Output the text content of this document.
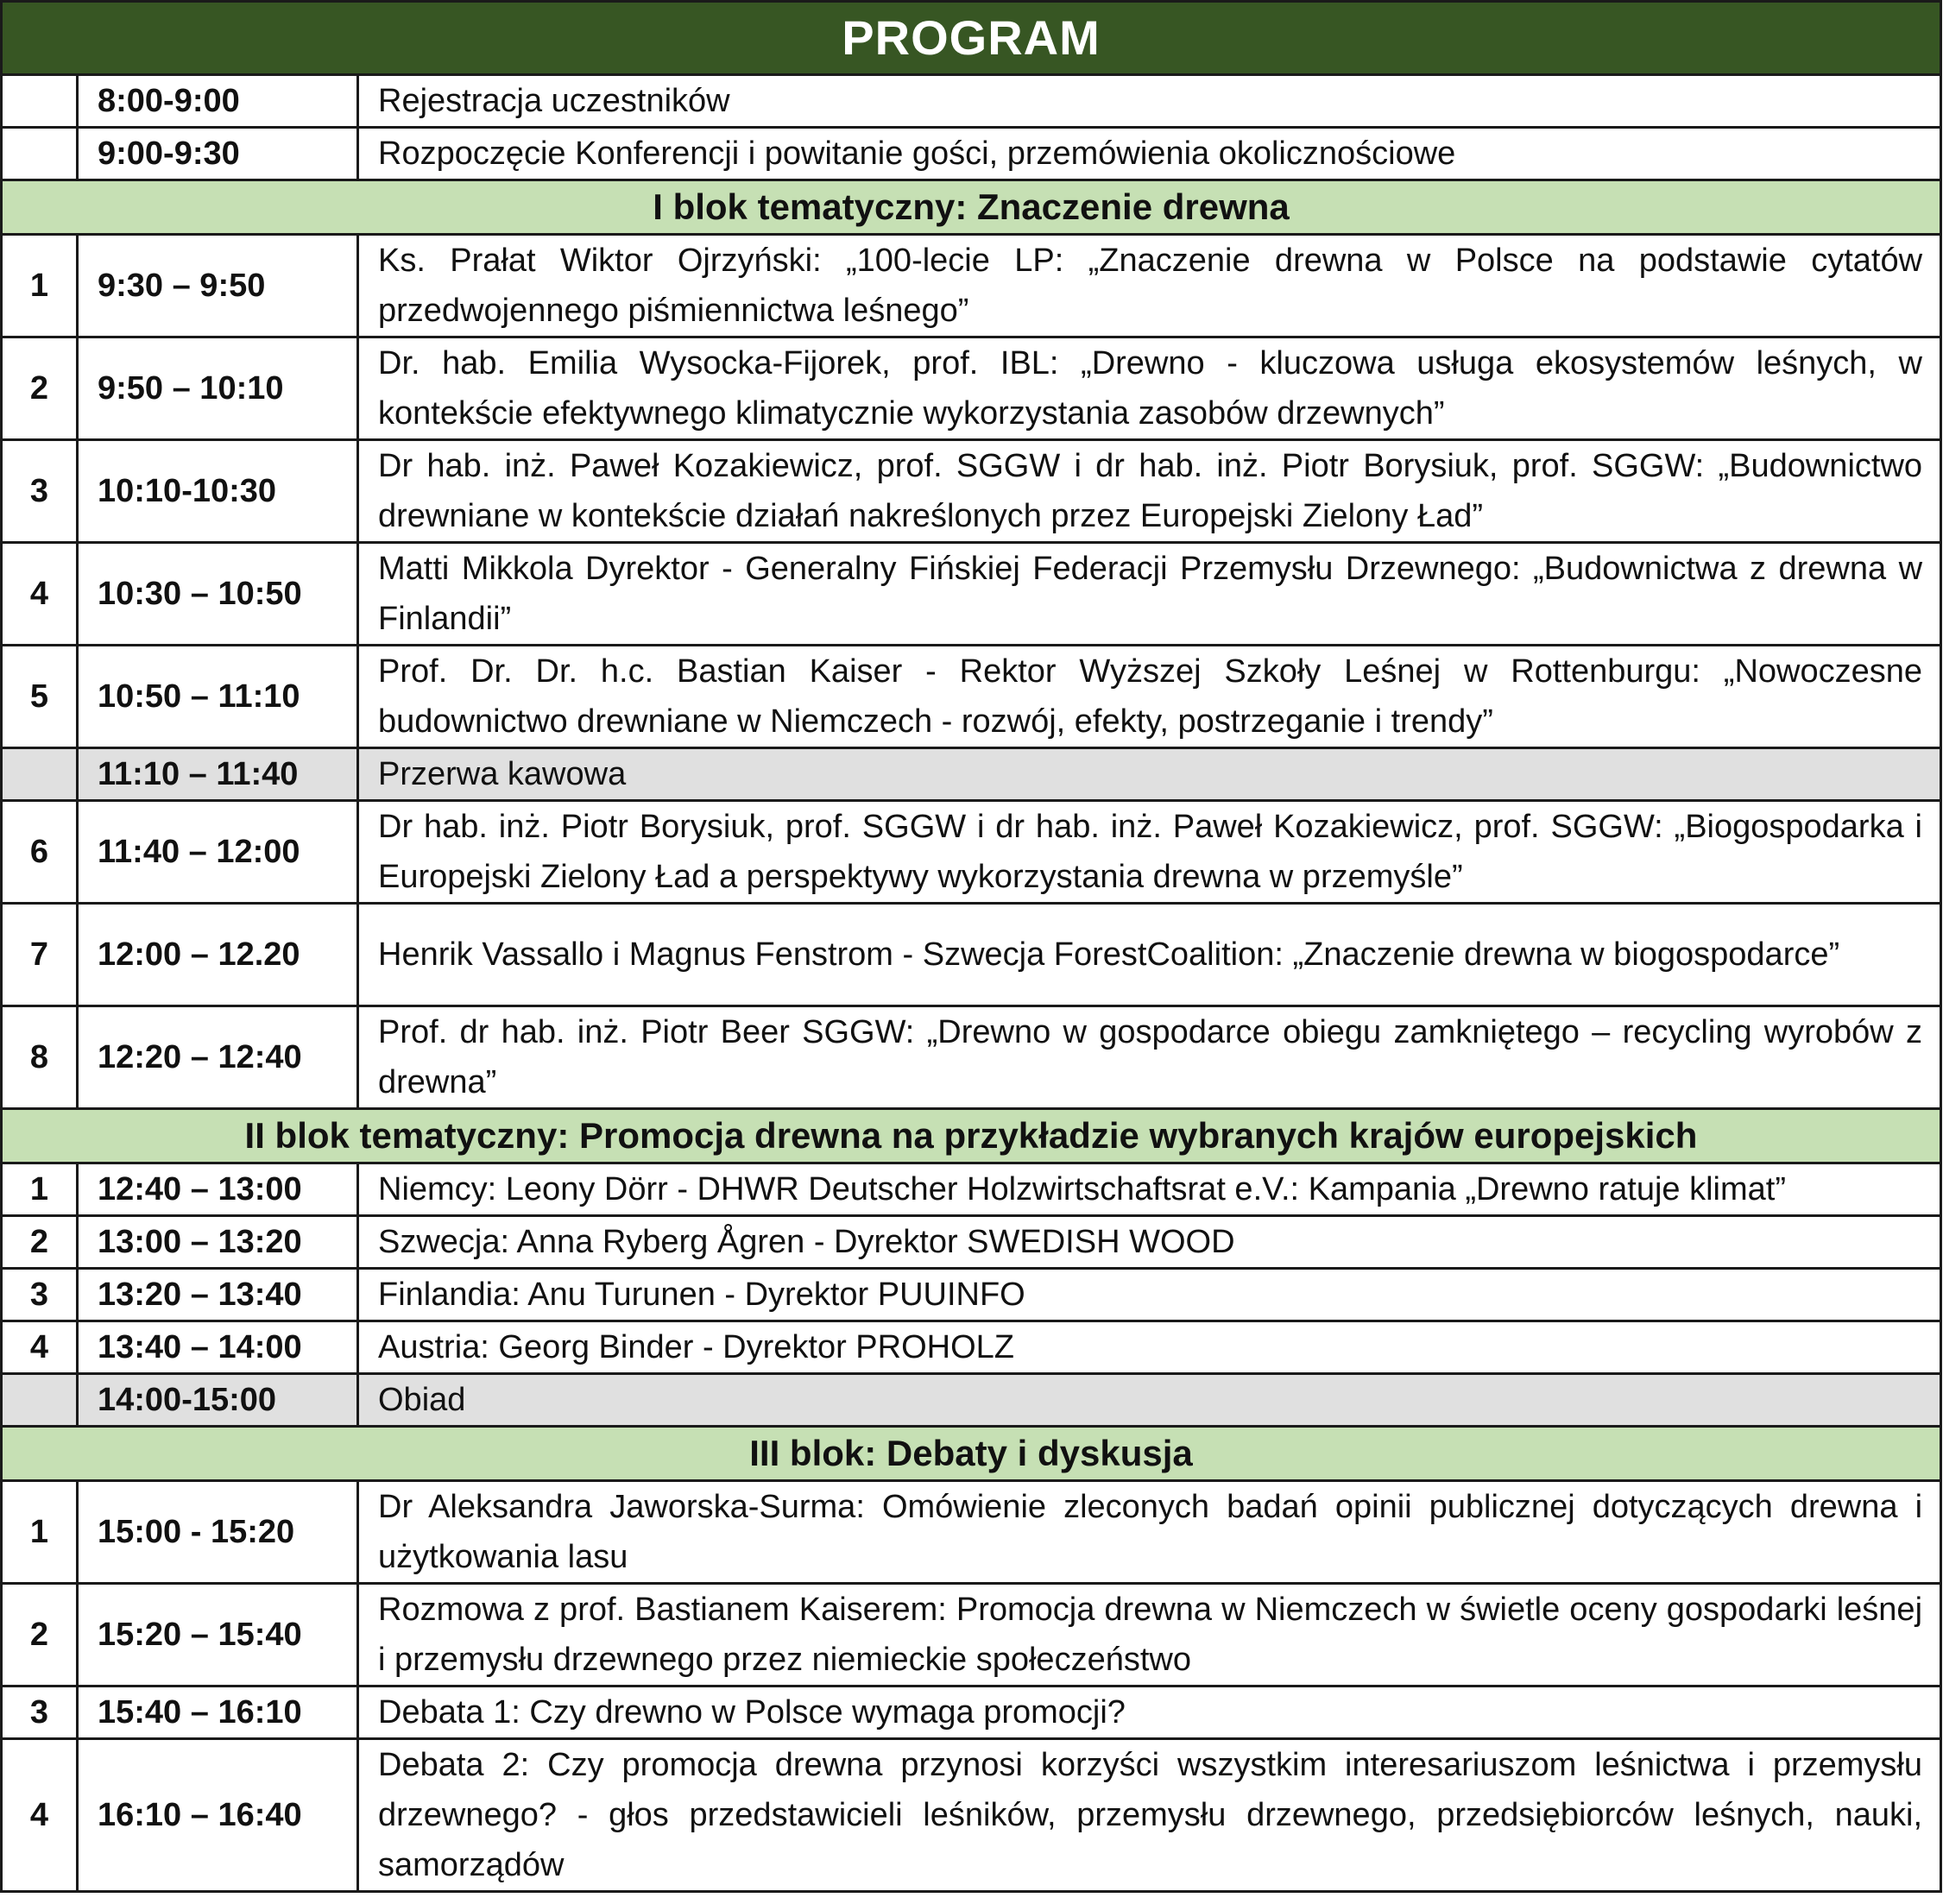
PROGRAM		
	8:00-9:00	Rejestracja uczestników
	9:00-9:30	Rozpoczęcie Konferencji i powitanie gości, przemówienia okolicznościowe
I blok tematyczny: Znaczenie drewna		
1	9:30 – 9:50	Ks. Prałat Wiktor Ojrzyński: „100-lecie LP: „Znaczenie drewna w Polsce na podstawie cytatów przedwojennego piśmiennictwa leśnego”
2	9:50 – 10:10	Dr. hab. Emilia Wysocka-Fijorek, prof. IBL: „Drewno - kluczowa usługa ekosystemów leśnych, w kontekście efektywnego klimatycznie wykorzystania zasobów drzewnych”
3	10:10-10:30	Dr hab. inż. Paweł Kozakiewicz, prof. SGGW i dr hab. inż. Piotr Borysiuk, prof. SGGW: „Budownictwo drewniane w kontekście działań nakreślonych przez Europejski Zielony Ład”
4	10:30 – 10:50	Matti Mikkola Dyrektor - Generalny Fińskiej Federacji Przemysłu Drzewnego: „Budownictwa z drewna w Finlandii”
5	10:50 – 11:10	Prof. Dr. Dr. h.c. Bastian Kaiser - Rektor Wyższej Szkoły Leśnej w Rottenburgu: „Nowoczesne budownictwo drewniane w Niemczech - rozwój, efekty, postrzeganie i trendy”
	11:10 – 11:40	Przerwa kawowa
6	11:40 – 12:00	Dr hab. inż. Piotr Borysiuk, prof. SGGW i dr hab. inż. Paweł Kozakiewicz, prof. SGGW: „Biogospodarka i Europejski Zielony Ład a perspektywy wykorzystania drewna w przemyśle”
7	12:00 – 12.20	Henrik Vassallo i Magnus Fenstrom - Szwecja ForestCoalition: „Znaczenie drewna w biogospodarce”
8	12:20 – 12:40	Prof. dr hab. inż. Piotr Beer SGGW: „Drewno w gospodarce obiegu zamkniętego – recycling wyrobów z drewna”
II blok tematyczny: Promocja drewna na przykładzie wybranych krajów europejskich		
1	12:40 – 13:00	Niemcy: Leony Dörr - DHWR Deutscher Holzwirtschaftsrat e.V.: Kampania „Drewno ratuje klimat”
2	13:00 – 13:20	Szwecja: Anna Ryberg Ågren - Dyrektor SWEDISH WOOD
3	13:20 – 13:40	Finlandia: Anu Turunen - Dyrektor PUUINFO
4	13:40 – 14:00	Austria: Georg Binder - Dyrektor PROHOLZ
	14:00-15:00	Obiad
III blok: Debaty i dyskusja		
1	15:00 - 15:20	Dr Aleksandra Jaworska-Surma: Omówienie zleconych badań opinii publicznej dotyczących drewna i użytkowania lasu
2	15:20 – 15:40	Rozmowa z prof. Bastianem Kaiserem: Promocja drewna w Niemczech w świetle oceny gospodarki leśnej i przemysłu drzewnego przez niemieckie społeczeństwo
3	15:40 – 16:10	Debata 1: Czy drewno w Polsce wymaga promocji?
4	16:10 – 16:40	Debata 2: Czy promocja drewna przynosi korzyści wszystkim interesariuszom leśnictwa i przemysłu drzewnego? - głos przedstawicieli leśników, przemysłu drzewnego, przedsiębiorców leśnych, nauki, samorządów
